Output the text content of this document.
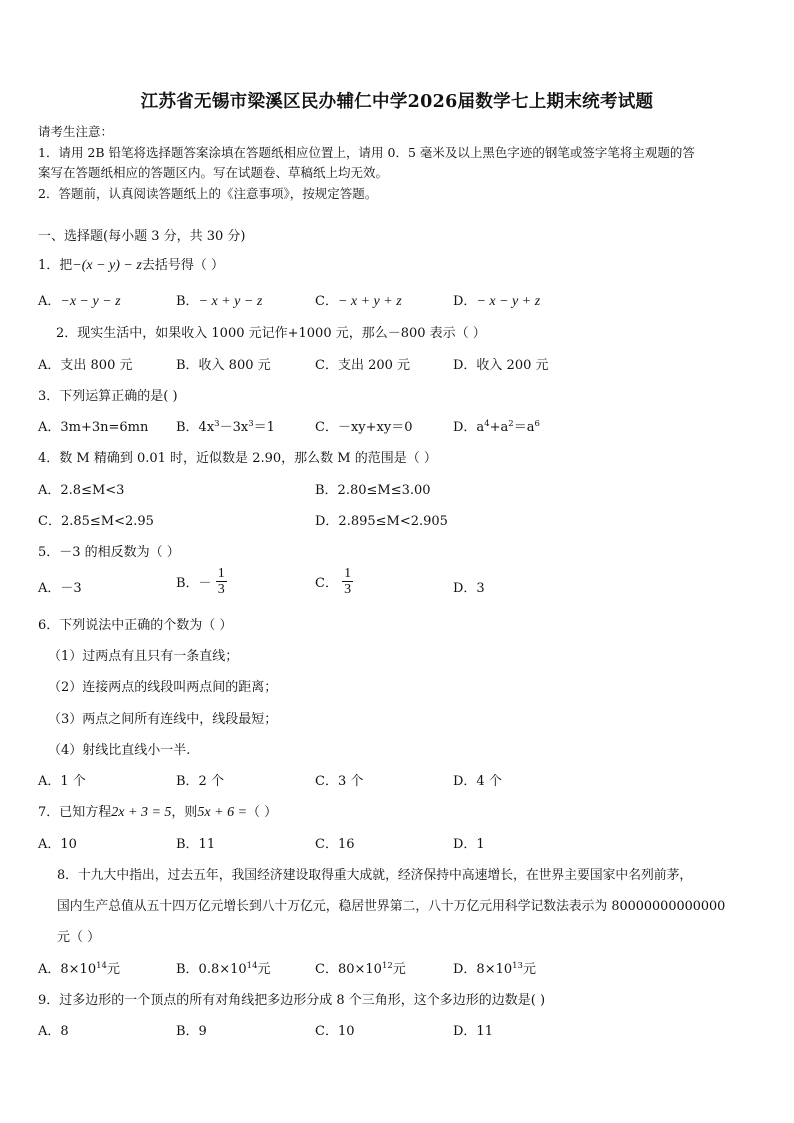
江苏省无锡市梁溪区民办辅仁中学2026届数学七上期末统考试题
请考生注意：
1．请用 2B 铅笔将选择题答案涂填在答题纸相应位置上，请用 0．5 毫米及以上黑色字迹的钢笔或签字笔将主观题的答
案写在答题纸相应的答题区内。写在试题卷、草稿纸上均无效。
2．答题前，认真阅读答题纸上的《注意事项》，按规定答题。
一、选择题(每小题 3 分，共 30 分)
1．把−(x − y) − z去括号得（ ）
A．−x − y − z	B．− x + y − z	C．− x + y + z	D．− x − y + z
2．现实生活中，如果收入 1000 元记作+1000 元，那么－800 表示（ ）
A．支出 800 元	B．收入 800 元	C．支出 200 元	D．收入 200 元
3．下列运算正确的是( )
A．3m+3n=6mn B．$4x^3-3x^3=1$	C．－xy+xy＝0	D．$a^4+a^2=a^6$
4．数 M 精确到 0.01 时，近似数是 2.90，那么数 M 的范围是（ ）
A．2.8≤M<3	B．2.80≤M≤3.00
C．2.85≤M<2.95	D．2.895≤M<2.905
5．－3 的相反数为（ ）
A．－3	B．－ $\frac{1}{3}$	C． $\frac{1}{3}$	D．3
6．下列说法中正确的个数为（ ）
（1）过两点有且只有一条直线；
（2）连接两点的线段叫两点间的距离；
（3）两点之间所有连线中，线段最短；
（4）射线比直线小一半.
A．1 个	B．2 个	C．3 个	D．4 个
7．已知方程2x + 3 = 5，则5x + 6 =（ ）
A．10	B．11	C．16	D．1
8．十九大中指出，过去五年，我国经济建设取得重大成就，经济保持中高速增长，在世界主要国家中名列前茅，
国内生产总值从五十四万亿元增长到八十万亿元，稳居世界第二，八十万亿元用科学记数法表示为 80000000000000
元（ ）
A．$8\times 10^{14}$元	B．$0.8\times 10^{14}$元	C．$80\times 10^{12}$元	D．$8\times 10^{13}$元
9．过多边形的一个顶点的所有对角线把多边形分成 8 个三角形，这个多边形的边数是( )
A．8	B．9	C．10	D．11
